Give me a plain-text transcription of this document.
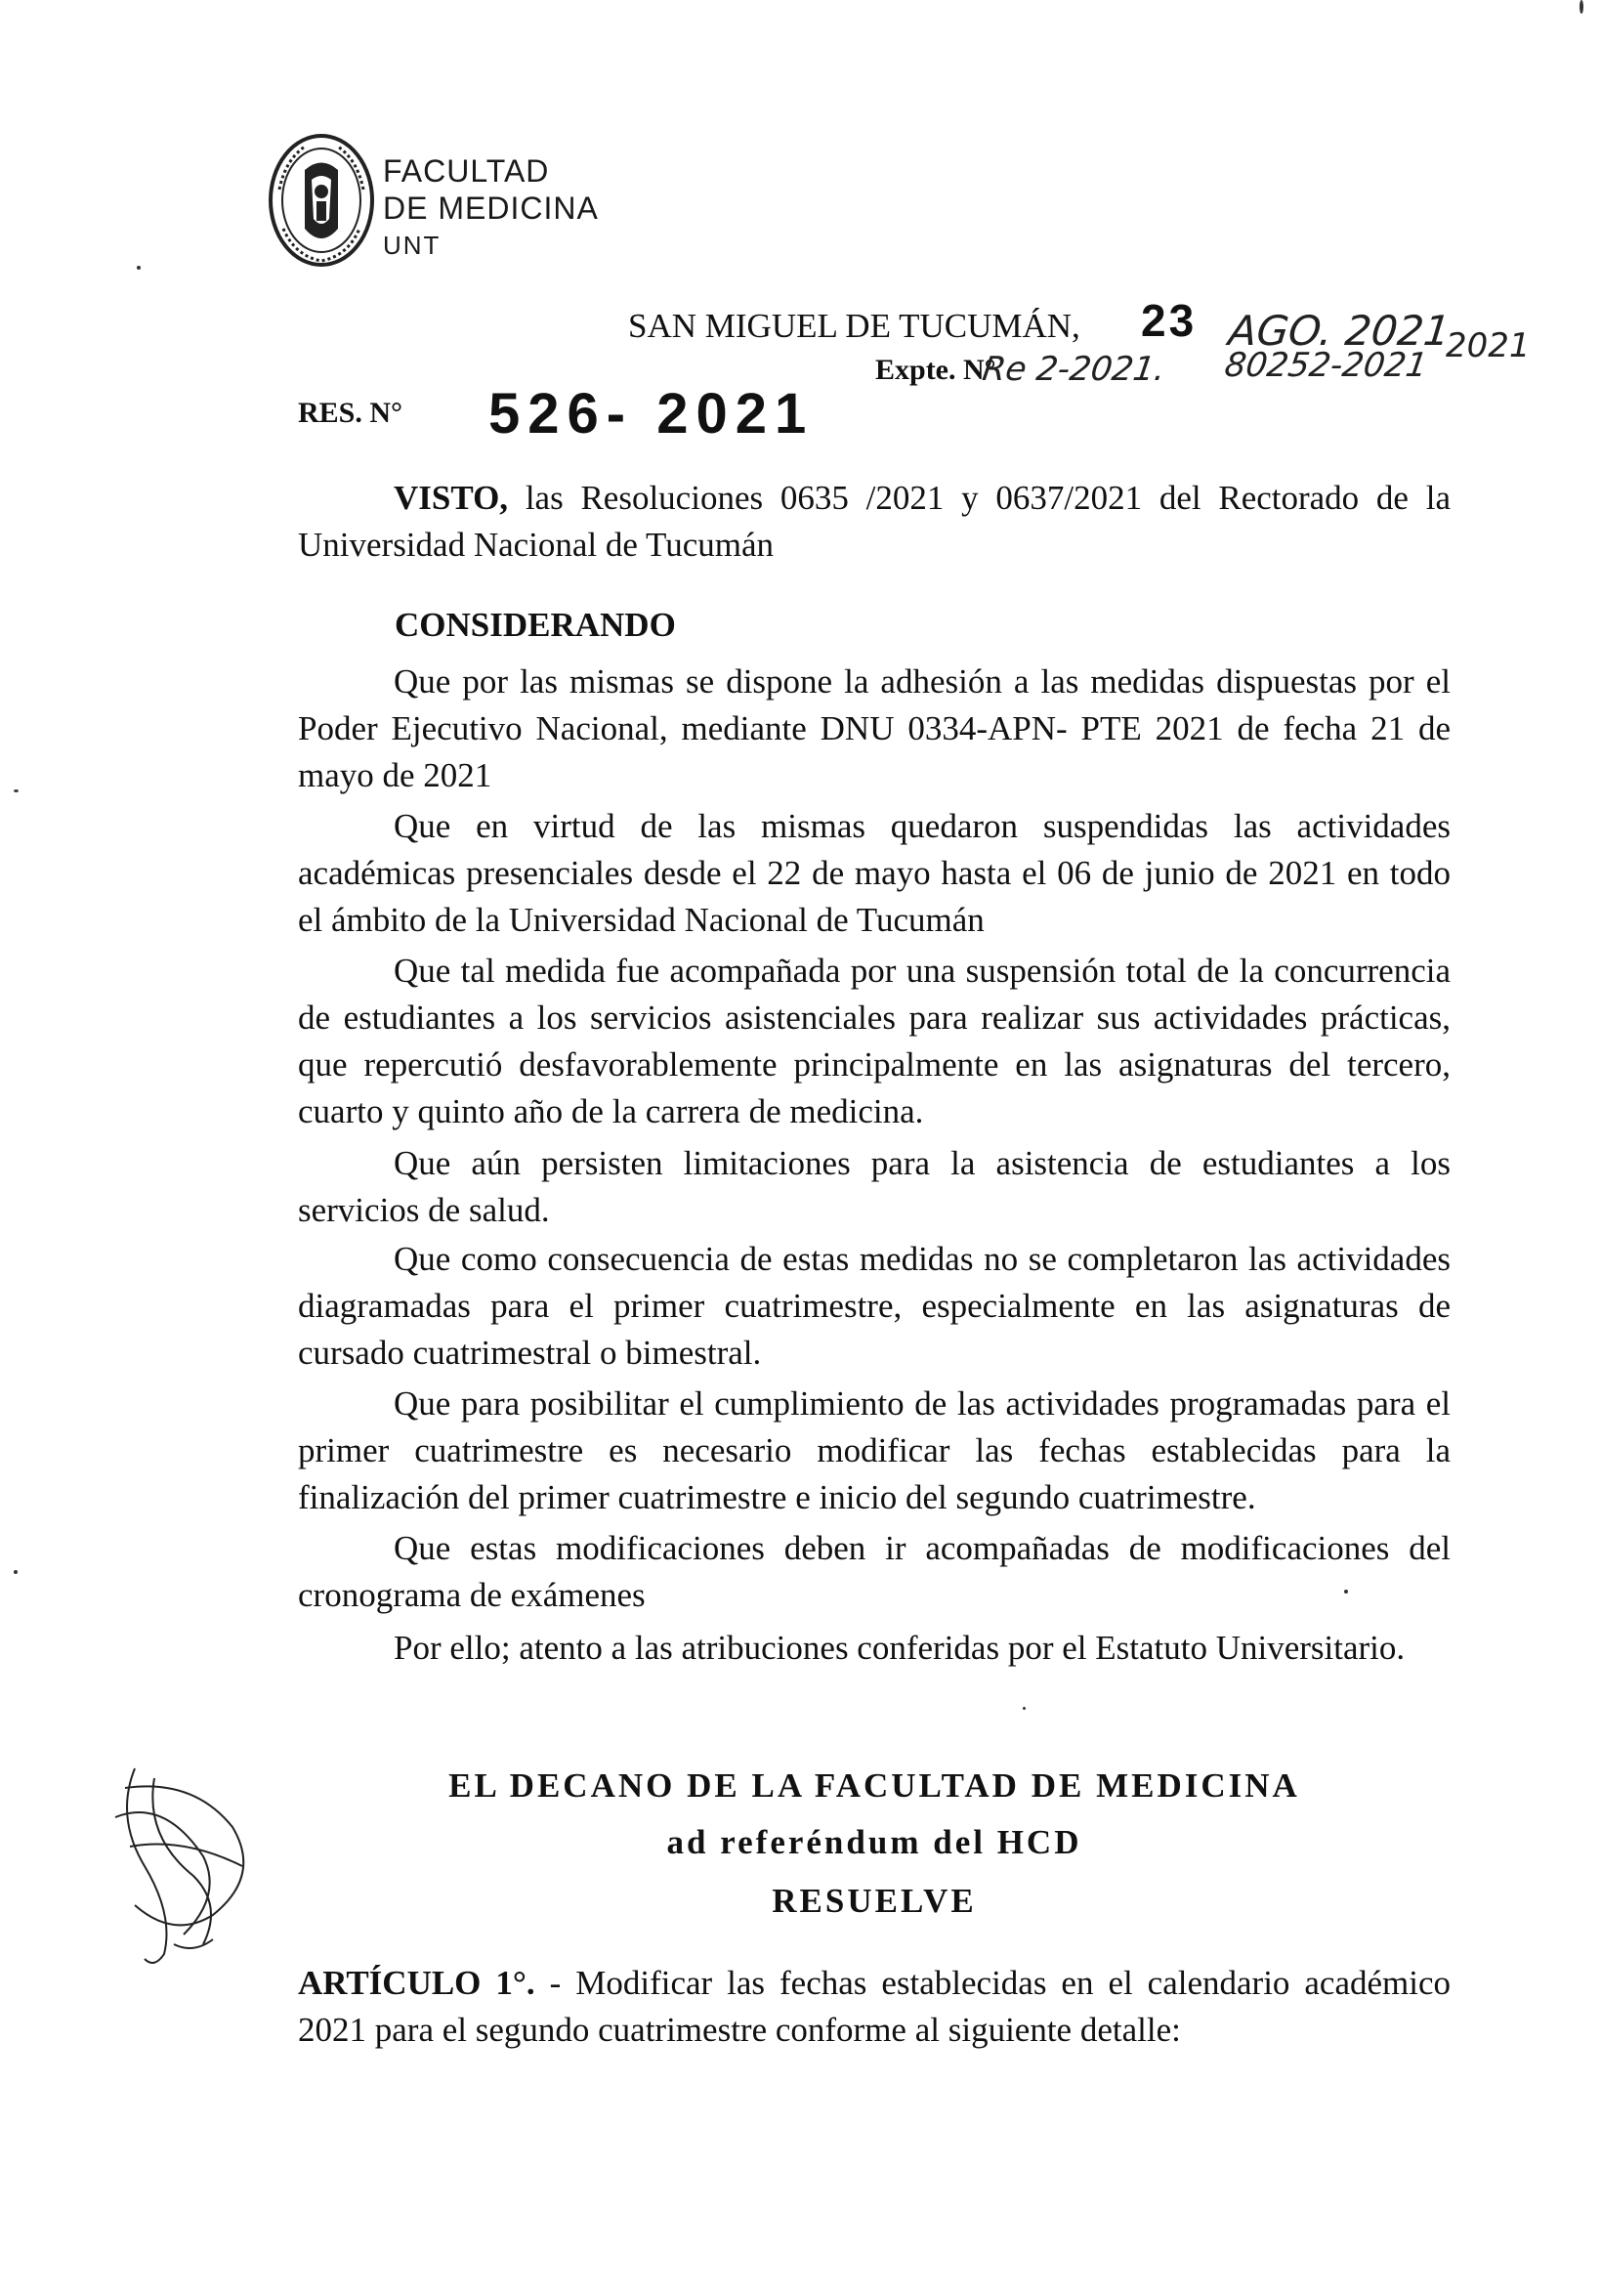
FACULTAD
DE MEDICINA
UNT
SAN MIGUEL DE TUCUMÁN, 23 AGO. 2021
2021
Expte. N°
Re 2-2021. 80252-2021
RES. N° 526- 2021
VISTO, las Resoluciones 0635 /2021 y 0637/2021 del Rectorado de la Universidad Nacional de Tucumán
CONSIDERANDO
Que por las mismas se dispone la adhesión a las medidas dispuestas por el Poder Ejecutivo Nacional, mediante DNU 0334-APN- PTE 2021 de fecha 21 de mayo de 2021
Que en virtud de las mismas quedaron suspendidas las actividades académicas presenciales desde el 22 de mayo hasta el 06 de junio de 2021 en todo el ámbito de la Universidad Nacional de Tucumán
Que tal medida fue acompañada por una suspensión total de la concurrencia de estudiantes a los servicios asistenciales para realizar sus actividades prácticas, que repercutió desfavorablemente principalmente en las asignaturas del tercero, cuarto y quinto año de la carrera de medicina.
Que aún persisten limitaciones para la asistencia de estudiantes a los servicios de salud.
Que como consecuencia de estas medidas no se completaron las actividades diagramadas para el primer cuatrimestre, especialmente en las asignaturas de cursado cuatrimestral o bimestral.
Que para posibilitar el cumplimiento de las actividades programadas para el primer cuatrimestre es necesario modificar las fechas establecidas para la finalización del primer cuatrimestre e inicio del segundo cuatrimestre.
Que estas modificaciones deben ir acompañadas de modificaciones del cronograma de exámenes
Por ello; atento a las atribuciones conferidas por el Estatuto Universitario.
EL DECANO DE LA FACULTAD DE MEDICINA
ad referéndum del HCD
RESUELVE
ARTÍCULO 1°. - Modificar las fechas establecidas en el calendario académico 2021 para el segundo cuatrimestre conforme al siguiente detalle:
